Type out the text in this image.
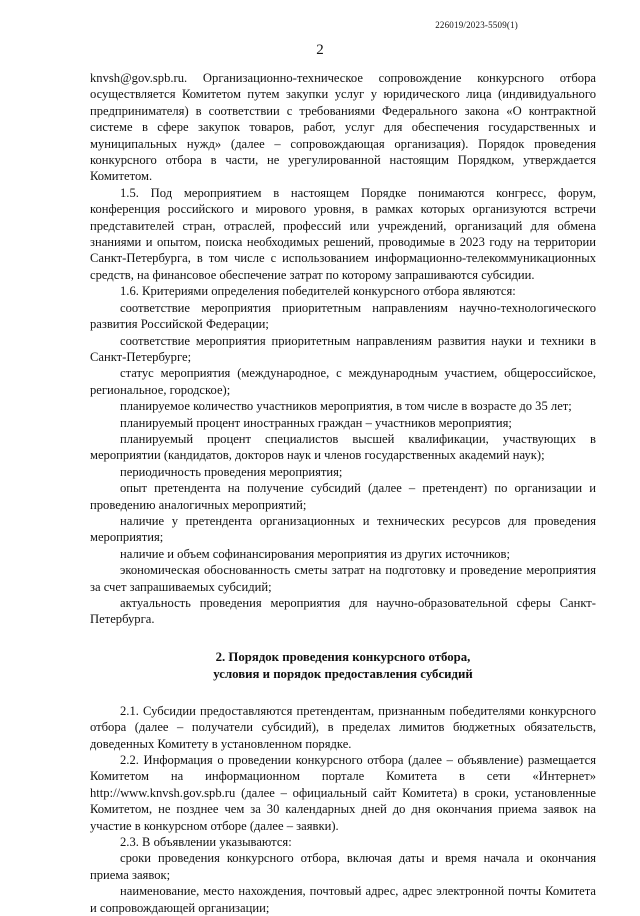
226019/2023-5509(1)
2

knvsh@gov.spb.ru. Организационно-техническое сопровождение конкурсного отбора осуществляется Комитетом путем закупки услуг у юридического лица (индивидуального предпринимателя) в соответствии с требованиями Федерального закона «О контрактной системе в сфере закупок товаров, работ, услуг для обеспечения государственных и муниципальных нужд» (далее – сопровождающая организация). Порядок проведения конкурсного отбора в части, не урегулированной настоящим Порядком, утверждается Комитетом.

1.5. Под мероприятием в настоящем Порядке понимаются конгресс, форум, конференция российского и мирового уровня, в рамках которых организуются встречи представителей стран, отраслей, профессий или учреждений, организаций для обмена знаниями и опытом, поиска необходимых решений, проводимые в 2023 году на территории Санкт-Петербурга, в том числе с использованием информационно-телекоммуникационных средств, на финансовое обеспечение затрат по которому запрашиваются субсидии.

1.6. Критериями определения победителей конкурсного отбора являются:

соответствие мероприятия приоритетным направлениям научно-технологического развития Российской Федерации;

соответствие мероприятия приоритетным направлениям развития науки и техники в Санкт-Петербурге;

статус мероприятия (международное, с международным участием, общероссийское, региональное, городское);

планируемое количество участников мероприятия, в том числе в возрасте до 35 лет;

планируемый процент иностранных граждан – участников мероприятия;

планируемый процент специалистов высшей квалификации, участвующих в мероприятии (кандидатов, докторов наук и членов государственных академий наук);

периодичность проведения мероприятия;

опыт претендента на получение субсидий (далее – претендент) по организации и проведению аналогичных мероприятий;

наличие у претендента организационных и технических ресурсов для проведения мероприятия;

наличие и объем софинансирования мероприятия из других источников;

экономическая обоснованность сметы затрат на подготовку и проведение мероприятия за счет запрашиваемых субсидий;

актуальность проведения мероприятия для научно-образовательной сферы Санкт-Петербурга.

2. Порядок проведения конкурсного отбора,
условия и порядок предоставления субсидий

2.1. Субсидии предоставляются претендентам, признанным победителями конкурсного отбора (далее – получатели субсидий), в пределах лимитов бюджетных обязательств, доведенных Комитету в установленном порядке.

2.2. Информация о проведении конкурсного отбора (далее – объявление) размещается Комитетом на информационном портале Комитета в сети «Интернет» http://www.knvsh.gov.spb.ru (далее – официальный сайт Комитета) в сроки, установленные Комитетом, не позднее чем за 30 календарных дней до дня окончания приема заявок на участие в конкурсном отборе (далее – заявки).

2.3. В объявлении указываются:

сроки проведения конкурсного отбора, включая даты и время начала и окончания приема заявок;

наименование, место нахождения, почтовый адрес, адрес электронной почты Комитета и сопровождающей организации;
